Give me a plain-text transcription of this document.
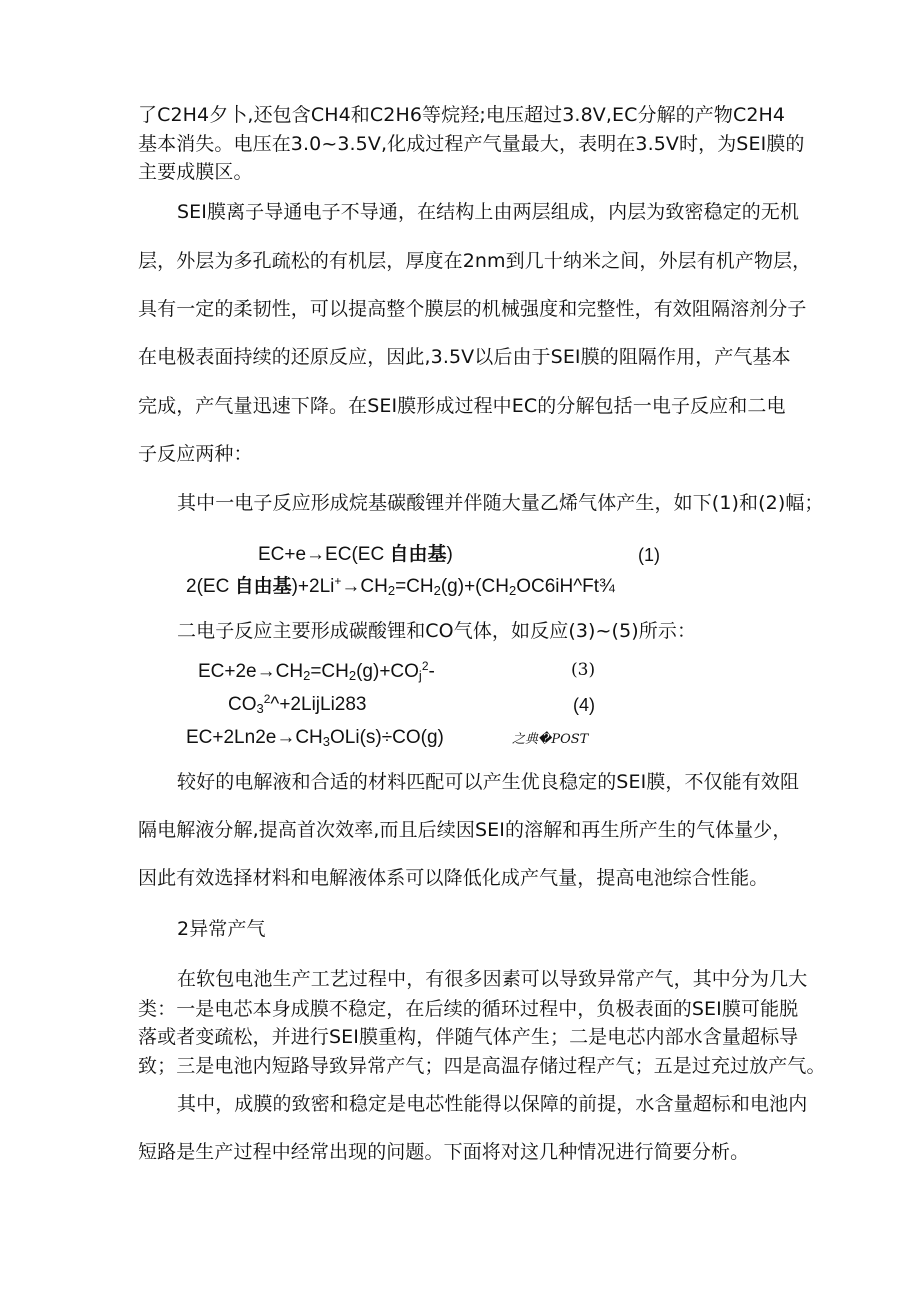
了C2H4夕卜,还包含CH4和C2H6等烷羟;电压超过3.8V,EC分解的产物C2H4
基本消失。电压在3.0~3.5V,化成过程产气量最大，表明在3.5V时，为SEI膜的
主要成膜区。
SEI膜离子导通电子不导通，在结构上由两层组成，内层为致密稳定的无机
层，外层为多孔疏松的有机层，厚度在2nm到几十纳米之间，外层有机产物层，
具有一定的柔韧性，可以提高整个膜层的机械强度和完整性，有效阻隔溶剂分子
在电极表面持续的还原反应，因此,3.5V以后由于SEI膜的阻隔作用，产气基本
完成，产气量迅速下降。在SEI膜形成过程中EC的分解包括一电子反应和二电
子反应两种：
其中一电子反应形成烷基碳酸锂并伴随大量乙烯气体产生，如下(1)和(2)幅；
EC+e→EC(EC 自由基)	(1)
2(EC 自由基)$+2Li^+\to CH_2=CH_2(g)+(CH_2OC6iH\^{}Ft\frac{3}{4}$
二电子反应主要形成碳酸锂和CO气体，如反应(3)~(5)所示：
$EC+2e\to CH_2=CH_2(g)+CO_j^2-$	(3)
$CO_3^2\^{}+2LijLi283$	(4)
$EC+2Ln2e\to CH_3OLi(s)\div CO(g)$	之典�POST
较好的电解液和合适的材料匹配可以产生优良稳定的SEI膜，不仅能有效阻
隔电解液分解,提高首次效率,而且后续因SEI的溶解和再生所产生的气体量少，
因此有效选择材料和电解液体系可以降低化成产气量，提高电池综合性能。
2异常产气
在软包电池生产工艺过程中，有很多因素可以导致异常产气，其中分为几大
类：一是电芯本身成膜不稳定，在后续的循环过程中，负极表面的SEI膜可能脱
落或者变疏松，并进行SEI膜重构，伴随气体产生；二是电芯内部水含量超标导
致；三是电池内短路导致异常产气；四是高温存储过程产气；五是过充过放产气。
其中，成膜的致密和稳定是电芯性能得以保障的前提，水含量超标和电池内
短路是生产过程中经常出现的问题。下面将对这几种情况进行简要分析。
